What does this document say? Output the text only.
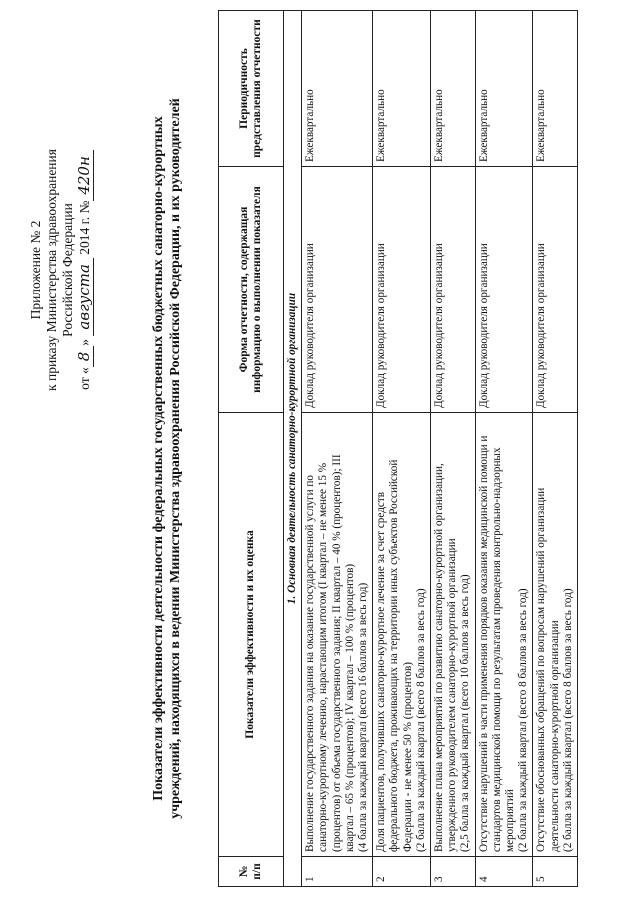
Приложение № 2 к приказу Министерства здравоохранения Российской Федерации
от «8» августа 2014 г. №420н	Показатели эффективности деятельности федеральных государственных бюджетных санаторно-курортных учреждений, находящихся в ведении Министерства здравоохранения Российской Федерации, и их руководителей
№ п/п	Показатели эффективности и их оценка	Форма отчетности, содержащая информацию о выполнении показателя	Периодичность представления отчетности
1. Основная деятельность санаторно-курортной организации			
1	Выполнение государственного задания на оказание государственной услуги по санаторно-курортному лечению, нарастающим итогом (I квартал – не менее 15 % (процентов) от объема государственного задания; II квартал – 40 % (процентов); III квартал – 65 % (процентов); IV квартал – 100 % (процентов) (4 балла за каждый квартал (всего 16 баллов за весь год)	Доклад руководителя организации	Ежеквартально
2	Доля пациентов, получивших санаторно-курортное лечение за счет средств федерального бюджета, проживающих на территории иных субъектов Российской Федерации - не менее 50 % (процентов) (2 балла за каждый квартал (всего 8 баллов за весь год)	Доклад руководителя организации	Ежеквартально
3	Выполнение плана мероприятий по развитию санаторно-курортной организации, утвержденного руководителем санаторно-курортной организации (2,5 балла за каждый квартал (всего 10 баллов за весь год)	Доклад руководителя организации	Ежеквартально
4	Отсутствие нарушений в части применения порядков оказания медицинской помощи и стандартов медицинской помощи по результатам проведения контрольно-надзорных мероприятий (2 балла за каждый квартал (всего 8 баллов за весь год)	Доклад руководителя организации	Ежеквартально
5	Отсутствие обоснованных обращений по вопросам нарушений организации деятельности санаторно-курортной организации (2 балла за каждый квартал (всего 8 баллов за весь год)	Доклад руководителя организации	Ежеквартально
